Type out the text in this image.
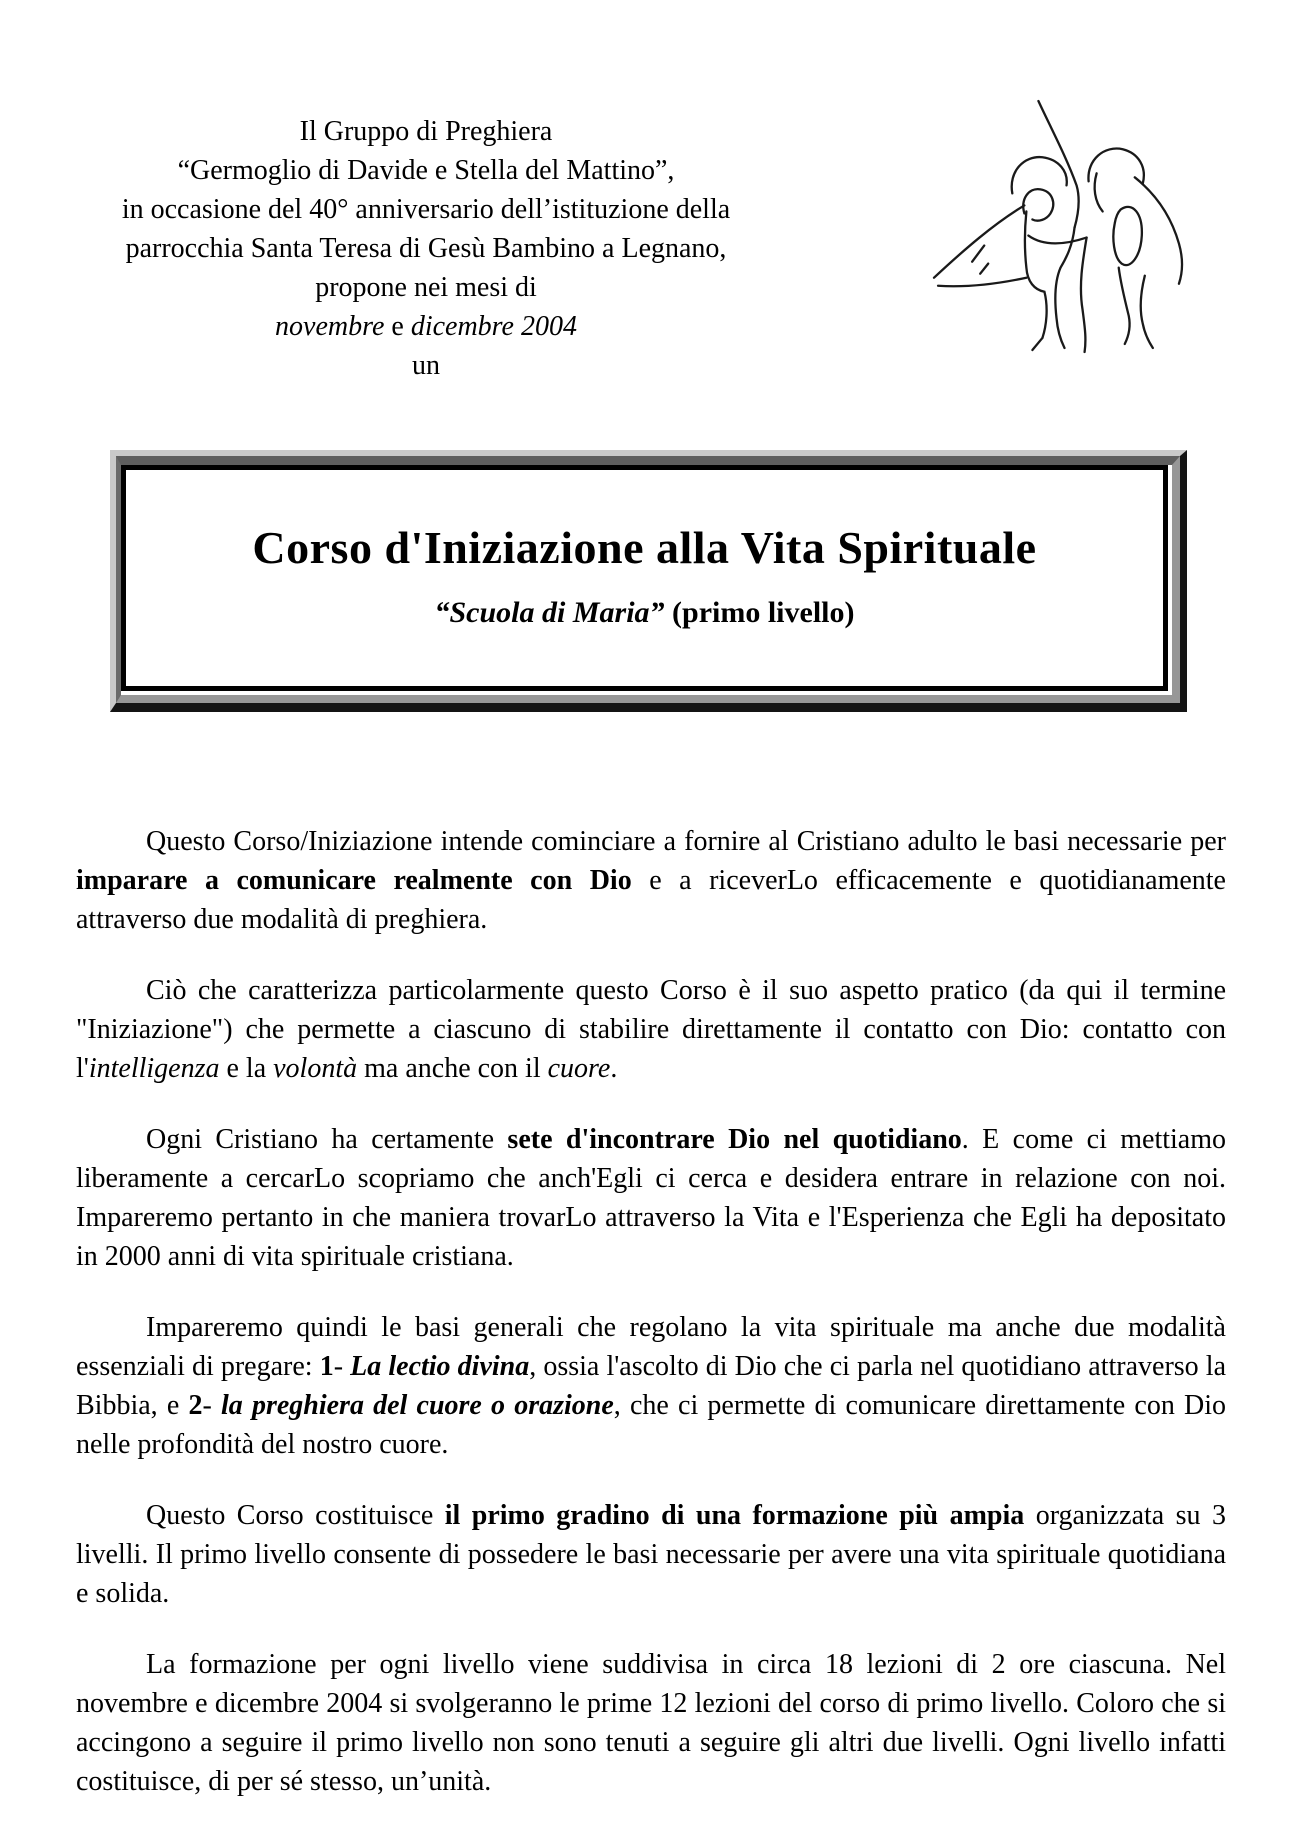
Il Gruppo di Preghiera
“Germoglio di Davide e Stella del Mattino”,
in occasione del 40° anniversario dell’istituzione della
parrocchia Santa Teresa di Gesù Bambino a Legnano,
propone nei mesi di
novembre e dicembre 2004
un
Corso d'Iniziazione alla Vita Spirituale
“Scuola di Maria” (primo livello)

Questo Corso/Iniziazione intende cominciare a fornire al Cristiano adulto le basi necessarie per imparare a comunicare realmente con Dio e a riceverLo efficacemente e quotidianamente attraverso due modalità di preghiera.

Ciò che caratterizza particolarmente questo Corso è il suo aspetto pratico (da qui il termine "Iniziazione") che permette a ciascuno di stabilire direttamente il contatto con Dio: contatto con l'intelligenza e la volontà ma anche con il cuore.

Ogni Cristiano ha certamente sete d'incontrare Dio nel quotidiano. E come ci mettiamo liberamente a cercarLo scopriamo che anch'Egli ci cerca e desidera entrare in relazione con noi. Impareremo pertanto in che maniera trovarLo attraverso la Vita e l'Esperienza che Egli ha depositato in 2000 anni di vita spirituale cristiana.

Impareremo quindi le basi generali che regolano la vita spirituale ma anche due modalità essenziali di pregare: 1- La lectio divina, ossia l'ascolto di Dio che ci parla nel quotidiano attraverso la Bibbia, e 2- la preghiera del cuore o orazione, che ci permette di comunicare direttamente con Dio nelle profondità del nostro cuore.

Questo Corso costituisce il primo gradino di una formazione più ampia organizzata su 3 livelli. Il primo livello consente di possedere le basi necessarie per avere una vita spirituale quotidiana e solida.

La formazione per ogni livello viene suddivisa in circa 18 lezioni di 2 ore ciascuna. Nel novembre e dicembre 2004 si svolgeranno le prime 12 lezioni del corso di primo livello. Coloro che si accingono a seguire il primo livello non sono tenuti a seguire gli altri due livelli. Ogni livello infatti costituisce, di per sé stesso, un’unità.
